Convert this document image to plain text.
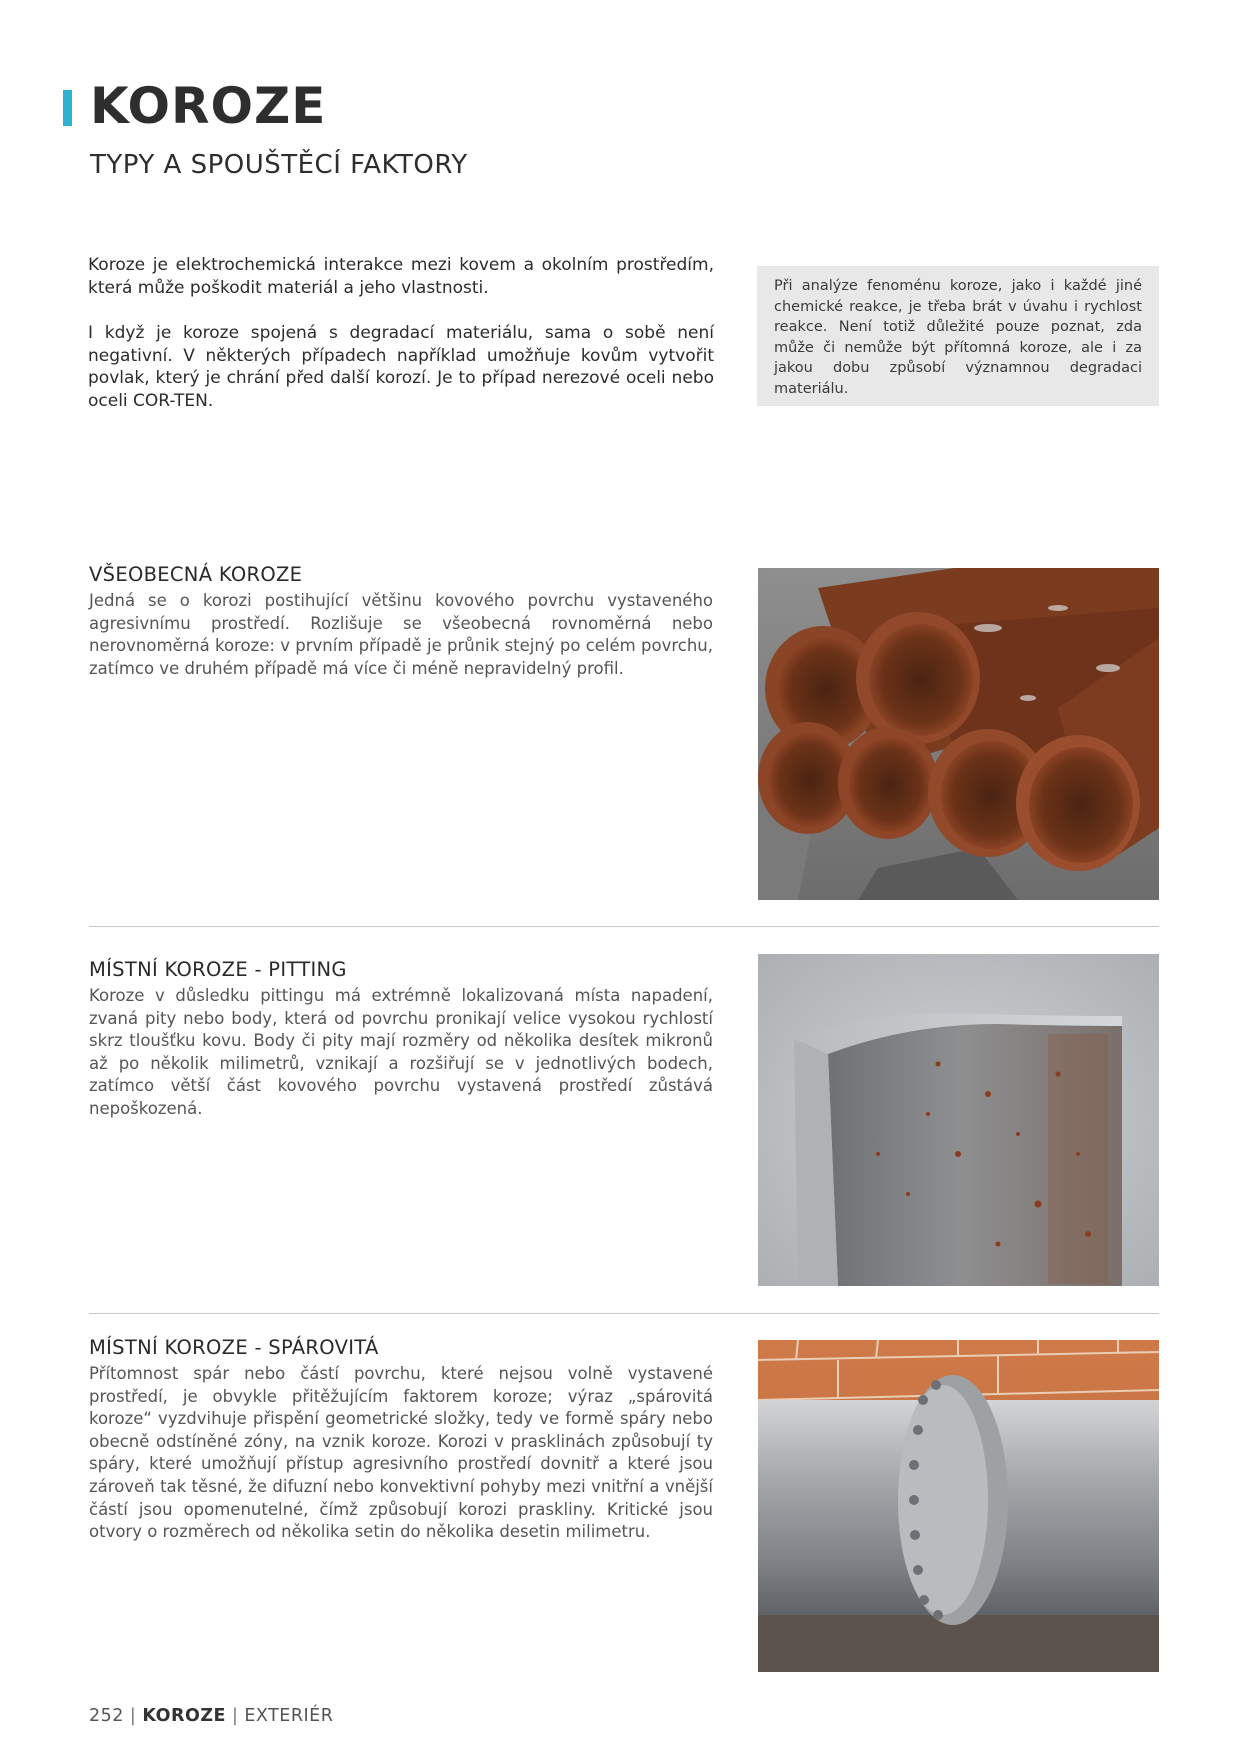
KOROZE
TYPY A SPOUŠTĚCÍ FAKTORY

Koroze je elektrochemická interakce mezi kovem a okolním prostředím, která může poškodit materiál a jeho vlastnosti.

I když je koroze spojená s degradací materiálu, sama o sobě není negativní. V některých případech například umožňuje kovům vytvořit povlak, který je chrání před další korozí. Je to případ nerezové oceli nebo oceli COR-TEN.

Při analýze fenoménu koroze, jako i každé jiné chemické reakce, je třeba brát v úvahu i rychlost reakce. Není totiž důležité pouze poznat, zda může či nemůže být přítomná koroze, ale i za jakou dobu způsobí významnou degradaci materiálu.

VŠEOBECNÁ KOROZE

Jedná se o korozi postihující většinu kovového povrchu vystaveného agresivnímu prostředí. Rozlišuje se všeobecná rovnoměrná nebo nerovnoměrná koroze: v prvním případě je průnik stejný po celém povrchu, zatímco ve druhém případě má více či méně nepravidelný profil.

MÍSTNÍ KOROZE - PITTING

Koroze v důsledku pittingu má extrémně lokalizovaná místa napadení, zvaná pity nebo body, která od povrchu pronikají velice vysokou rychlostí skrz tloušťku kovu. Body či pity mají rozměry od několika desítek mikronů až po několik milimetrů, vznikají a rozšiřují se v jednotlivých bodech, zatímco větší část kovového povrchu vystavená prostředí zůstává nepoškozená.

MÍSTNÍ KOROZE - SPÁROVITÁ

Přítomnost spár nebo částí povrchu, které nejsou volně vystavené prostředí, je obvykle přitěžujícím faktorem koroze; výraz „spárovitá koroze“ vyzdvihuje přispění geometrické složky, tedy ve formě spáry nebo obecně odstíněné zóny, na vznik koroze. Korozi v prasklinách způsobují ty spáry, které umožňují přístup agresivního prostředí dovnitř a které jsou zároveň tak těsné, že difuzní nebo konvektivní pohyby mezi vnitřní a vnější částí jsou opomenutelné, čímž způsobují korozi praskliny. Kritické jsou otvory o rozměrech od několika setin do několika desetin milimetru.

252 | KOROZE | EXTERIÉR
